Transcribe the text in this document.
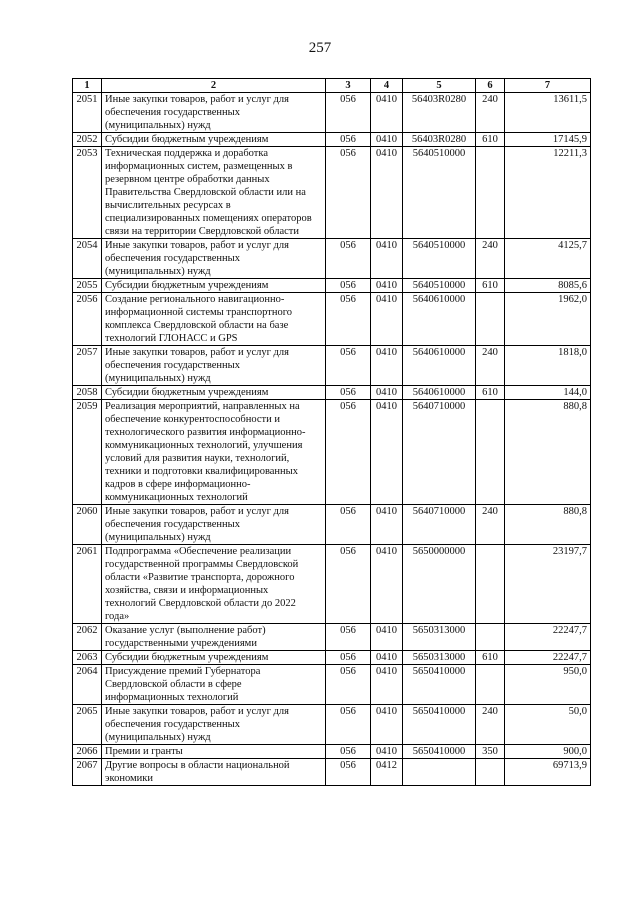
257
1	2	3	4	5	6	7
2051	Иные закупки товаров, работ и услуг для обеспечения государственных (муниципальных) нужд	056	0410	56403R0280	240	13611,5
2052	Субсидии бюджетным учреждениям	056	0410	56403R0280	610	17145,9
2053	Техническая поддержка и доработка информационных систем, размещенных в резервном центре обработки данных Правительства Свердловской области или на вычислительных ресурсах в специализированных помещениях операторов связи на территории Свердловской области	056	0410	5640510000		12211,3
2054	Иные закупки товаров, работ и услуг для обеспечения государственных (муниципальных) нужд	056	0410	5640510000	240	4125,7
2055	Субсидии бюджетным учреждениям	056	0410	5640510000	610	8085,6
2056	Создание регионального навигационно-информационной системы транспортного комплекса Свердловской области на базе технологий ГЛОНАСС и GPS	056	0410	5640610000		1962,0
2057	Иные закупки товаров, работ и услуг для обеспечения государственных (муниципальных) нужд	056	0410	5640610000	240	1818,0
2058	Субсидии бюджетным учреждениям	056	0410	5640610000	610	144,0
2059	Реализация мероприятий, направленных на обеспечение конкурентоспособности и технологического развития информационно-коммуникационных технологий, улучшения условий для развития науки, технологий, техники и подготовки квалифицированных кадров в сфере информационно-коммуникационных технологий	056	0410	5640710000		880,8
2060	Иные закупки товаров, работ и услуг для обеспечения государственных (муниципальных) нужд	056	0410	5640710000	240	880,8
2061	Подпрограмма «Обеспечение реализации государственной программы Свердловской области «Развитие транспорта, дорожного хозяйства, связи и информационных технологий Свердловской области до 2022 года»	056	0410	5650000000		23197,7
2062	Оказание услуг (выполнение работ) государственными учреждениями	056	0410	5650313000		22247,7
2063	Субсидии бюджетным учреждениям	056	0410	5650313000	610	22247,7
2064	Присуждение премий Губернатора Свердловской области в сфере информационных технологий	056	0410	5650410000		950,0
2065	Иные закупки товаров, работ и услуг для обеспечения государственных (муниципальных) нужд	056	0410	5650410000	240	50,0
2066	Премии и гранты	056	0410	5650410000	350	900,0
2067	Другие вопросы в области национальной экономики	056	0412			69713,9
